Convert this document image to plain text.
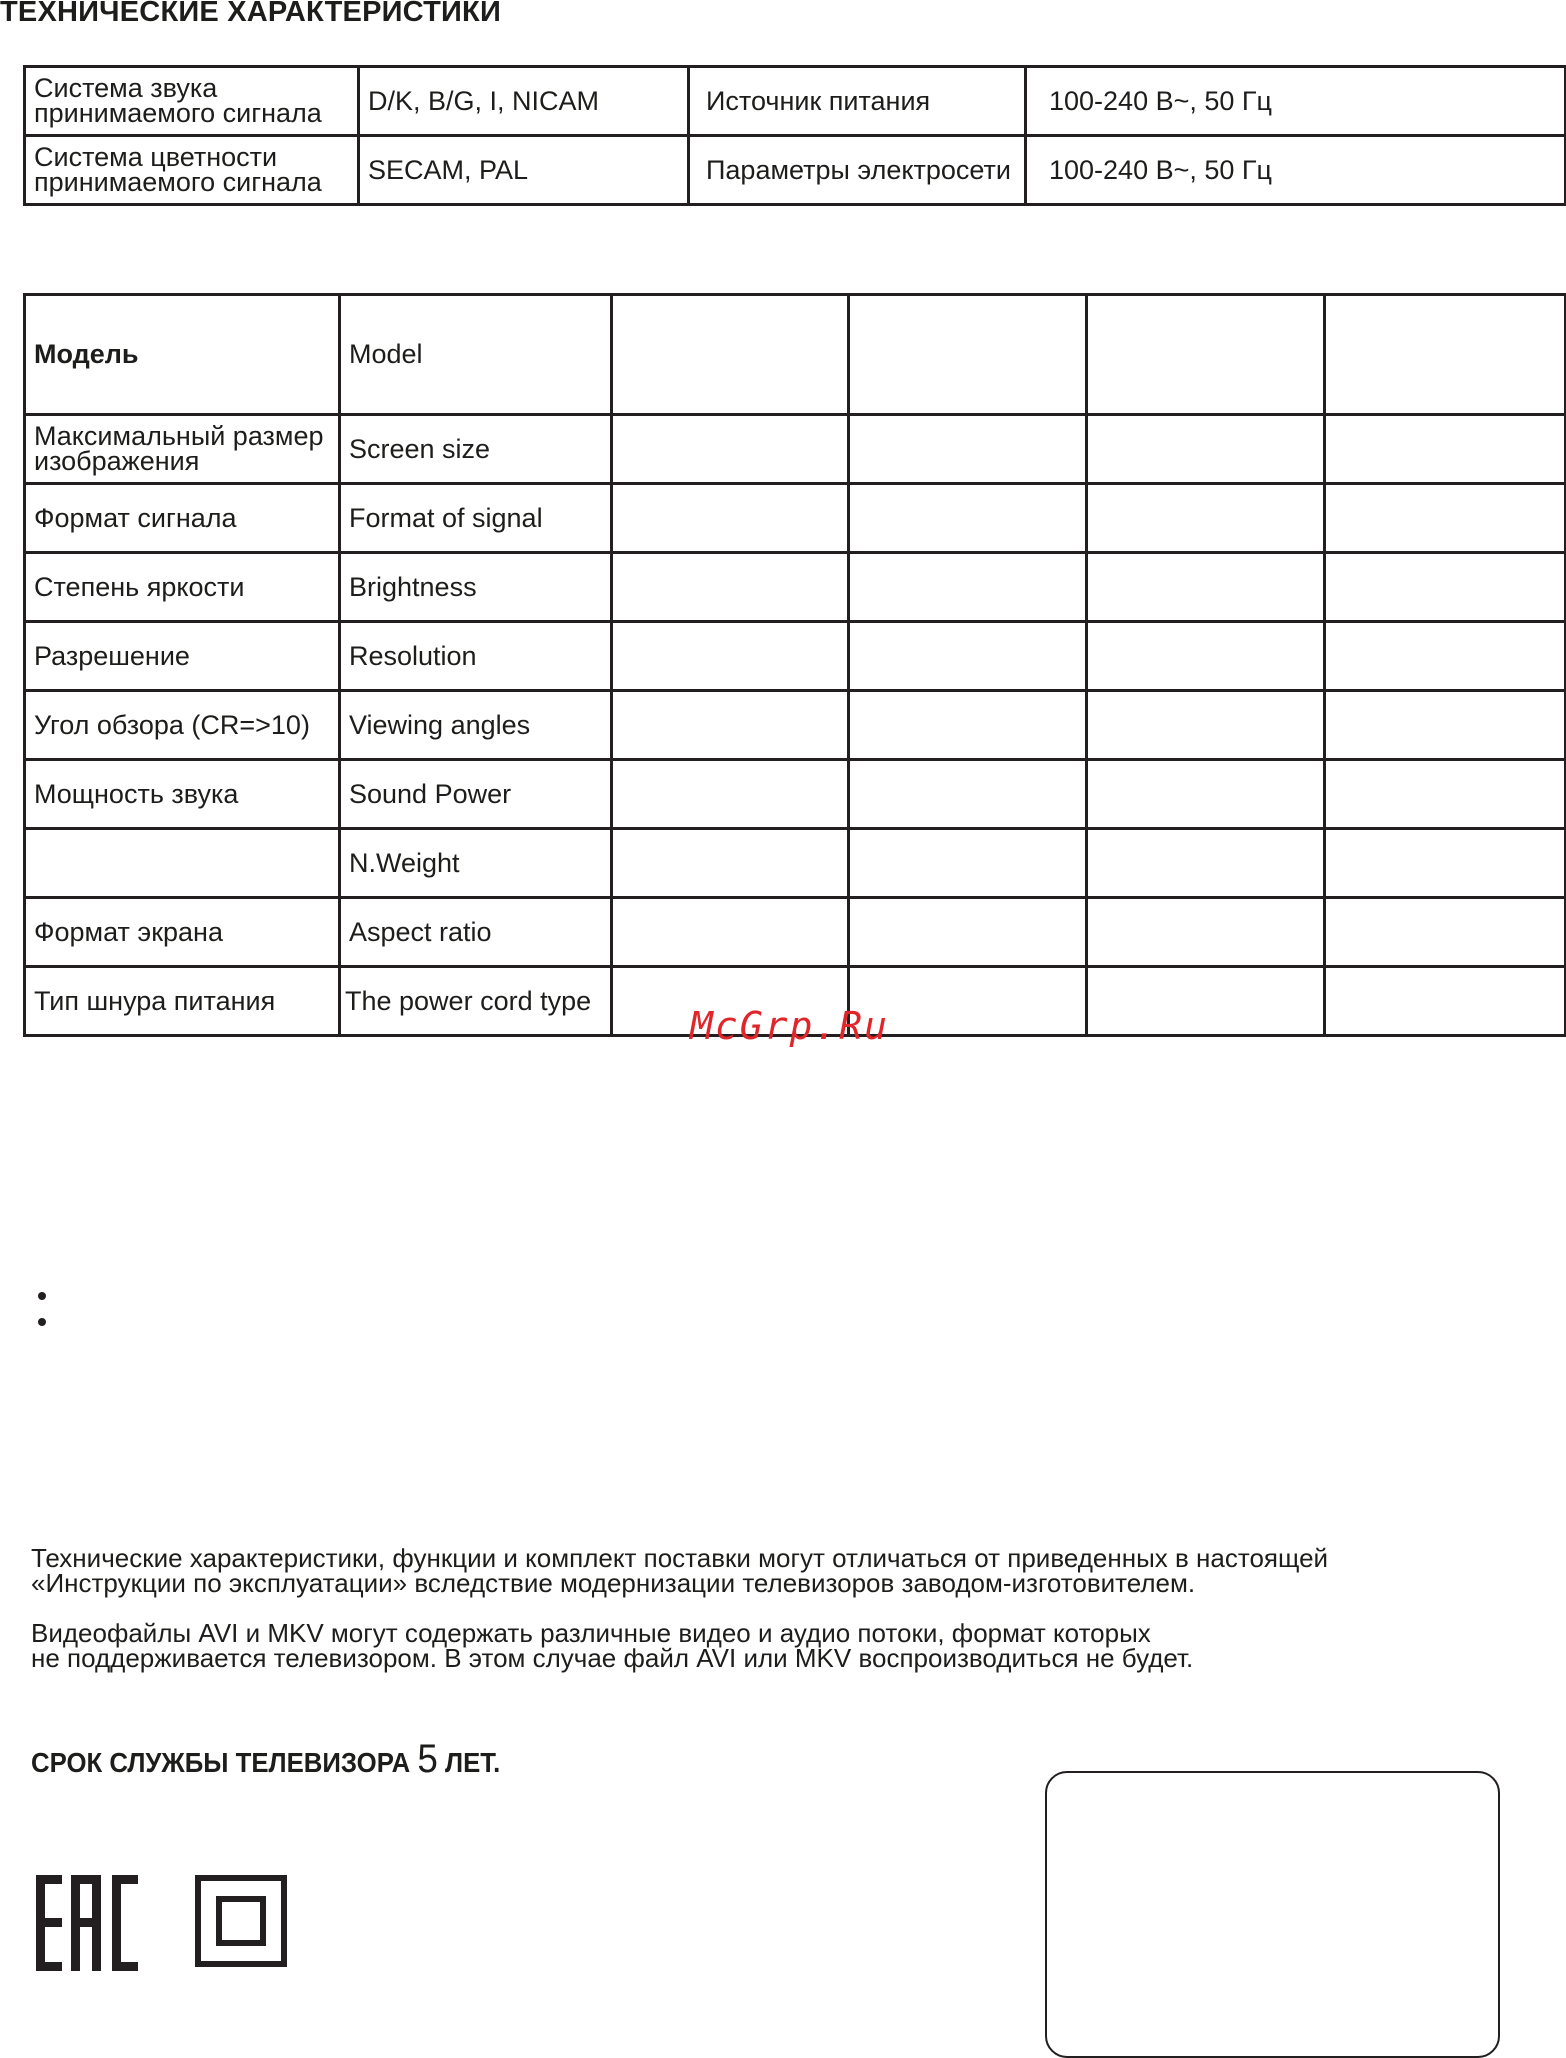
ТЕХНИЧЕСКИЕ ХАРАКТЕРИСТИКИ
Система звука принимаемого сигнала	D/K, B/G, I, NICAM	Источник питания	100-240 В~, 50 Гц
Система цветности принимаемого сигнала	SECAM, PAL	Параметры электросети	100-240 В~, 50 Гц
Модель	Model				
Максимальный размер изображения	Screen size				
Формат сигнала	Format of signal				
Степень яркости	Brightness				
Разрешение	Resolution				
Угол обзора (CR=>10)	Viewing angles				
Мощность звука	Sound Power				
	N.Weight				
Формат экрана	Aspect ratio				
Тип шнура питания	The power cord type				
McGrp.Ru
Технические характеристики, функции и комплект поставки могут отличаться от приведенных в настоящей
«Инструкции по эксплуатации» вследствие модернизации телевизоров заводом-изготовителем.
Видеофайлы AVI и MKV могут содержать различные видео и аудио потоки, формат которых
не поддерживается телевизором. В этом случае файл AVI или MKV воспроизводиться не будет.
СРОК СЛУЖБЫ ТЕЛЕВИЗОРА 5 ЛЕТ.
